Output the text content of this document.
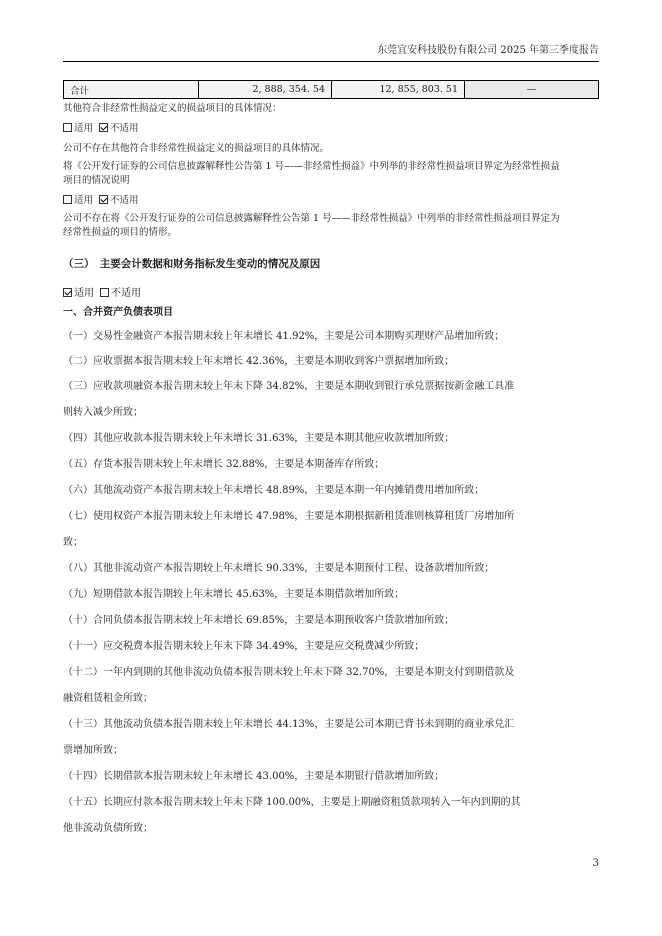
东莞宜安科技股份有限公司 2025 年第三季度报告
合计	2, 888, 354. 54	12, 855, 803. 51	—

其他符合非经常性损益定义的损益项目的具体情况：

适用 不适用

公司不存在其他符合非经常性损益定义的损益项目的具体情况。

将《公开发行证券的公司信息披露解释性公告第 1 号——非经常性损益》中列举的非经常性损益项目界定为经常性损益

项目的情况说明

适用 不适用

公司不存在将《公开发行证券的公司信息披露解释性公告第 1 号——非经常性损益》中列举的非经常性损益项目界定为

经常性损益的项目的情形。

（三）　主要会计数据和财务指标发生变动的情况及原因

适用 不适用

一、合并资产负债表项目

（一）交易性金融资产本报告期末较上年末增长 41.92%，主要是公司本期购买理财产品增加所致；

（二）应收票据本报告期末较上年末增长 42.36%，主要是本期收到客户票据增加所致；

（三）应收款项融资本报告期末较上年末下降 34.82%，主要是本期收到银行承兑票据按新金融工具准

则转入减少所致；

（四）其他应收款本报告期末较上年末增长 31.63%，主要是本期其他应收款增加所致；

（五）存货本报告期末较上年末增长 32.88%，主要是本期备库存所致；

（六）其他流动资产本报告期末较上年末增长 48.89%，主要是本期一年内摊销费用增加所致；

（七）使用权资产本报告期末较上年末增长 47.98%，主要是本期根据新租赁准则核算租赁厂房增加所

致；

（八）其他非流动资产本报告期较上年末增长 90.33%，主要是本期预付工程、设备款增加所致；

（九）短期借款本报告期较上年末增长 45.63%，主要是本期借款增加所致；

（十）合同负债本报告期末较上年末增长 69.85%，主要是本期预收客户货款增加所致；

（十一）应交税费本报告期末较上年末下降 34.49%，主要是应交税费减少所致；

（十二）一年内到期的其他非流动负债本报告期末较上年末下降 32.70%，主要是本期支付到期借款及

融资租赁租金所致；

（十三）其他流动负债本报告期末较上年末增长 44.13%，主要是公司本期已背书未到期的商业承兑汇

票增加所致；

（十四）长期借款本报告期末较上年末增长 43.00%，主要是本期银行借款增加所致；

（十五）长期应付款本报告期末较上年末下降 100.00%，主要是上期融资租赁款项转入一年内到期的其

他非流动负债所致；

3
